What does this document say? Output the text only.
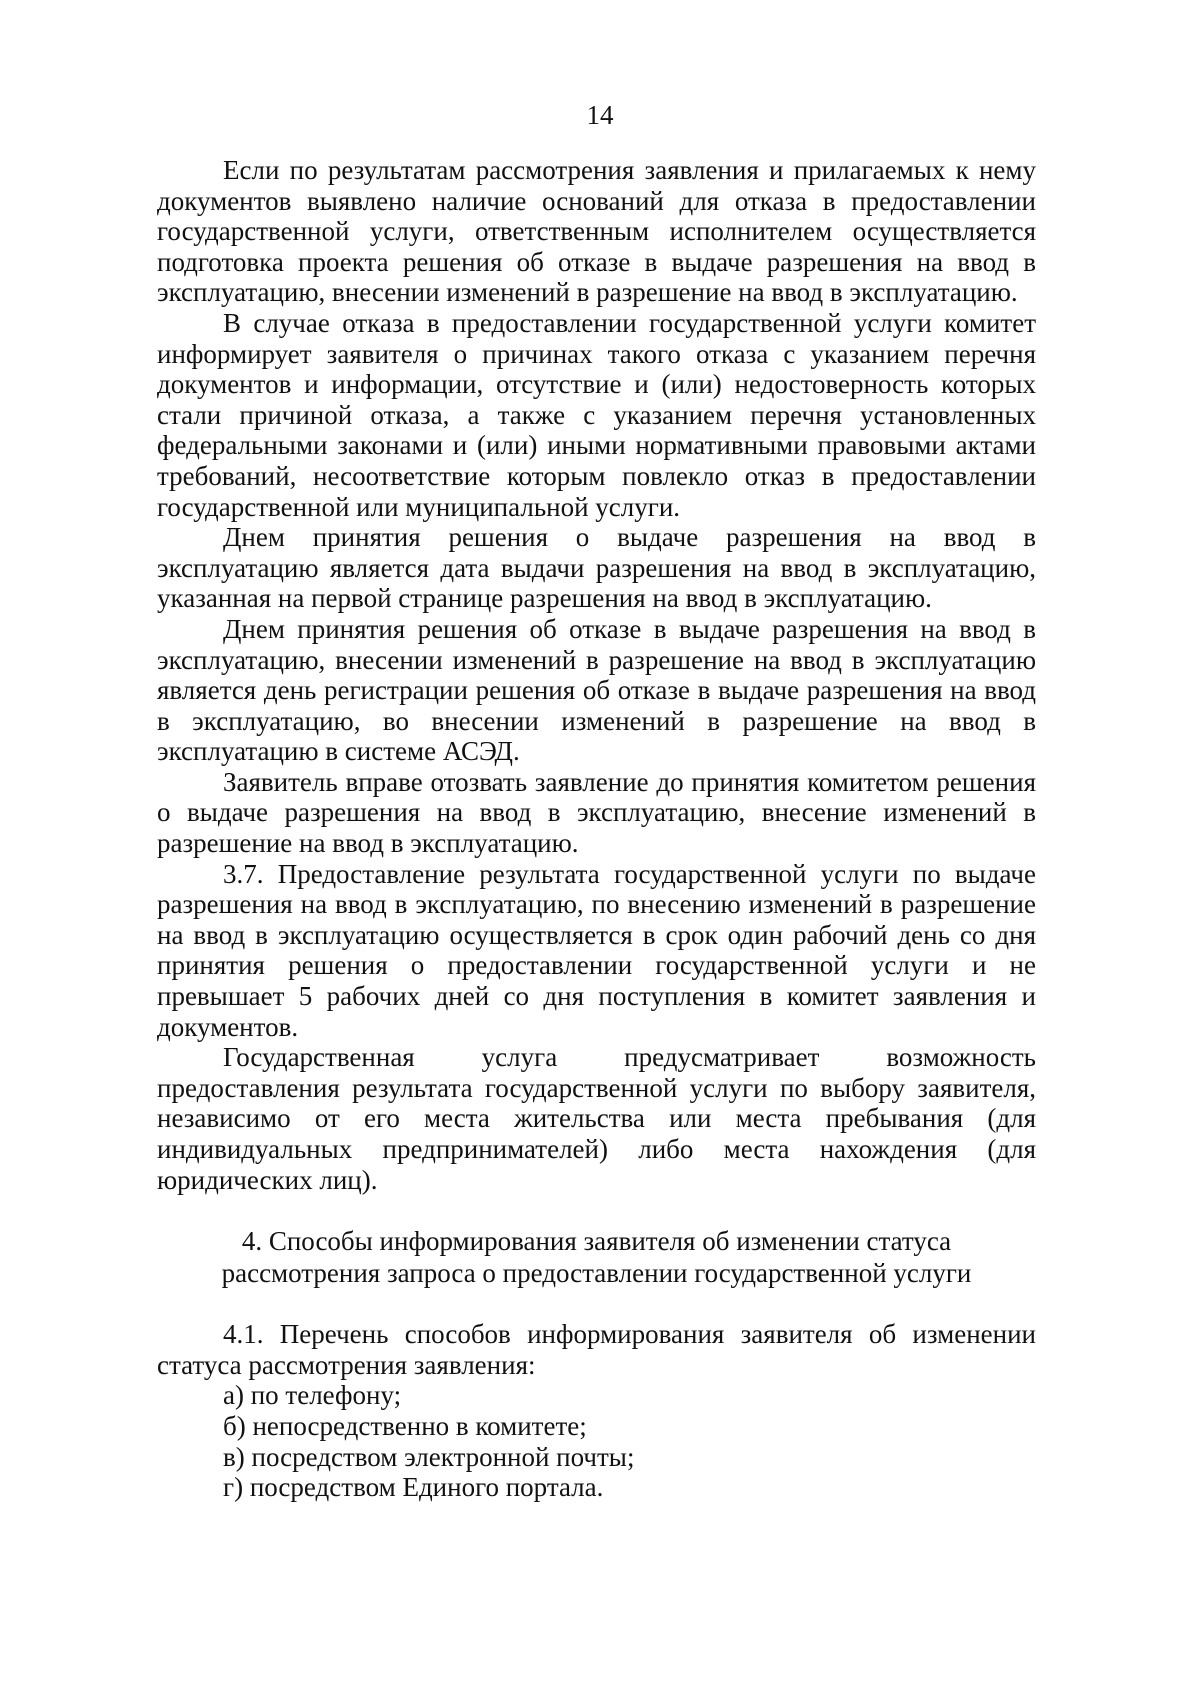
14

Если по результатам рассмотрения заявления и прилагаемых к нему документов выявлено наличие оснований для отказа в предоставлении государственной услуги, ответственным исполнителем осуществляется подготовка проекта решения об отказе в выдаче разрешения на ввод в эксплуатацию, внесении изменений в разрешение на ввод в эксплуатацию.

В случае отказа в предоставлении государственной услуги комитет информирует заявителя о причинах такого отказа с указанием перечня документов и информации, отсутствие и (или) недостоверность которых стали причиной отказа, а также с указанием перечня установленных федеральными законами и (или) иными нормативными правовыми актами требований, несоответствие которым повлекло отказ в предоставлении государственной или муниципальной услуги.

Днем принятия решения о выдаче разрешения на ввод в эксплуатацию является дата выдачи разрешения на ввод в эксплуатацию, указанная на первой странице разрешения на ввод в эксплуатацию.

Днем принятия решения об отказе в выдаче разрешения на ввод в эксплуатацию, внесении изменений в разрешение на ввод в эксплуатацию является день регистрации решения об отказе в выдаче разрешения на ввод в эксплуатацию, во внесении изменений в разрешение на ввод в эксплуатацию в системе АСЭД.

Заявитель вправе отозвать заявление до принятия комитетом решения о выдаче разрешения на ввод в эксплуатацию, внесение изменений в разрешение на ввод в эксплуатацию.

3.7. Предоставление результата государственной услуги по выдаче разрешения на ввод в эксплуатацию, по внесению изменений в разрешение на ввод в эксплуатацию осуществляется в срок один рабочий день со дня принятия решения о предоставлении государственной услуги и не превышает 5 рабочих дней со дня поступления в комитет заявления и документов.

Государственная услуга предусматривает возможность предоставления результата государственной услуги по выбору заявителя, независимо от его места жительства или места пребывания (для индивидуальных предпринимателей) либо места нахождения (для юридических лиц).

4. Способы информирования заявителя об изменении статуса рассмотрения запроса о предоставлении государственной услуги

4.1. Перечень способов информирования заявителя об изменении статуса рассмотрения заявления:

а) по телефону;
б) непосредственно в комитете;
в) посредством электронной почты;
г) посредством Единого портала.
